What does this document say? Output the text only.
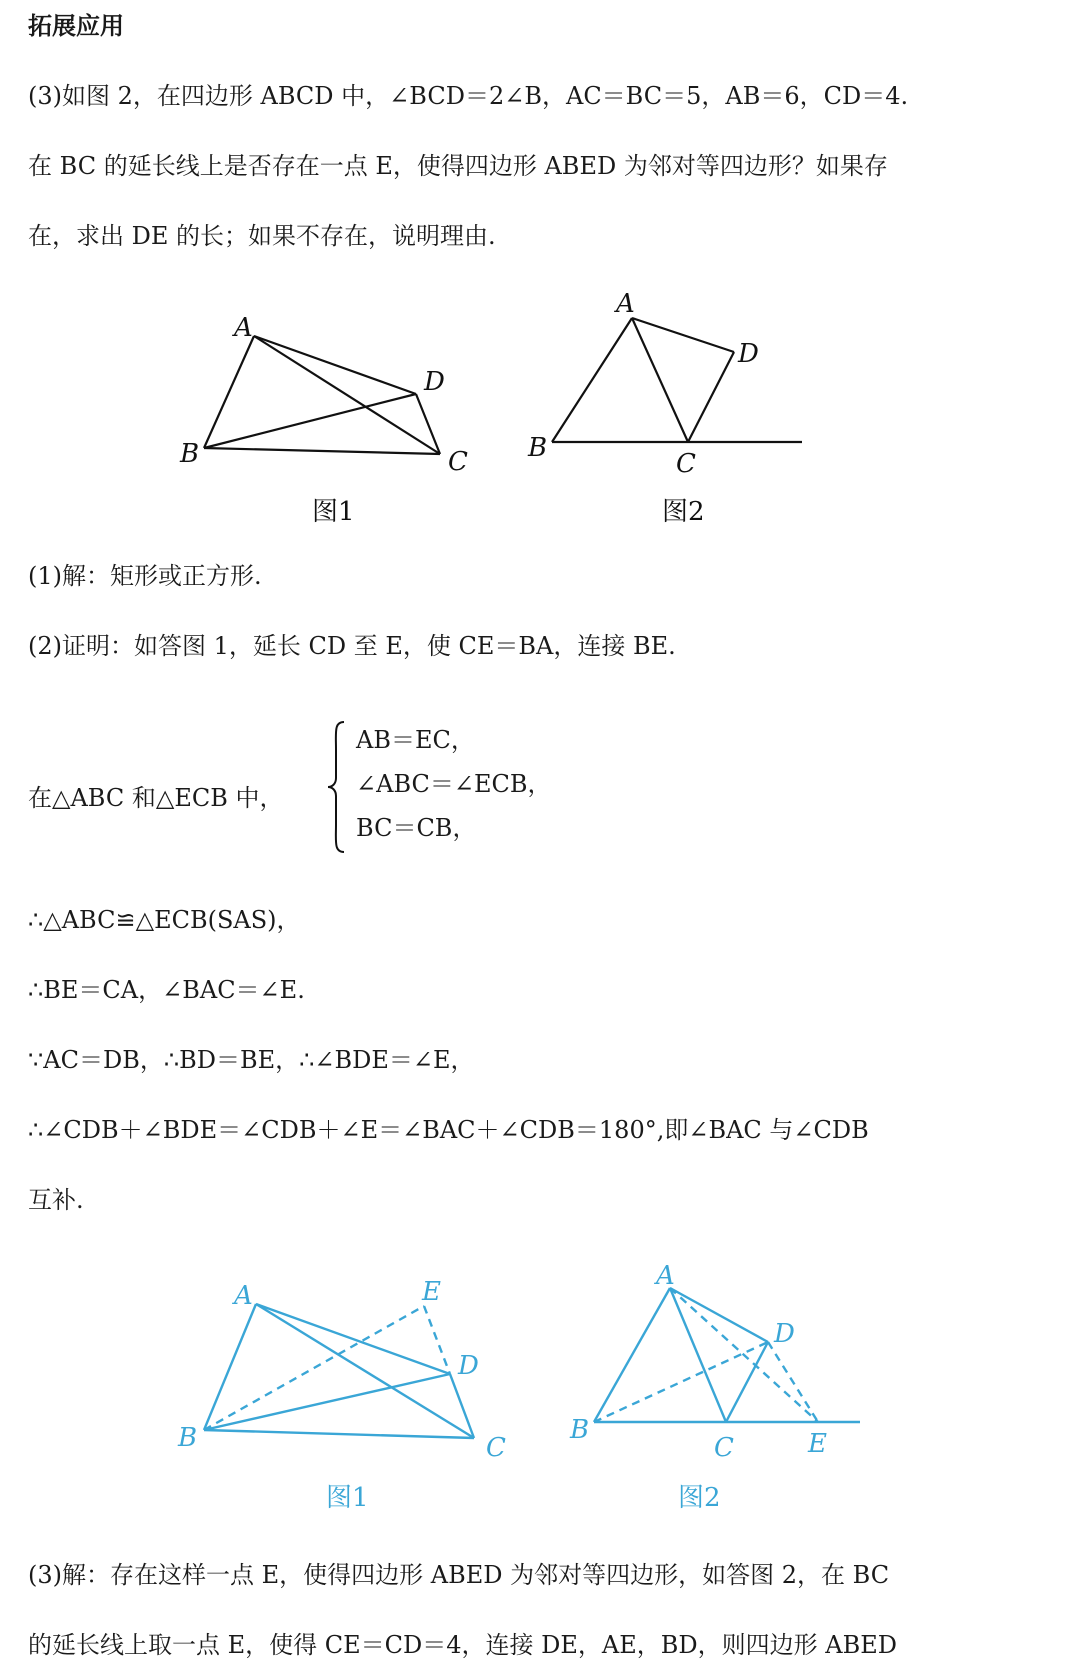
拓展应用
(3)如图 2，在四边形 ABCD 中，∠BCD＝2∠B，AC＝BC＝5，AB＝6，CD＝4.
在 BC 的延长线上是否存在一点 E，使得四边形 ABED 为邻对等四边形？如果存
在，求出 DE 的长；如果不存在，说明理由.
A
B	C
D
图1
A
B
C
D
图2
(1)解：矩形或正方形.
(2)证明：如答图 1，延长 CD 至 E，使 CE＝BA，连接 BE.
在△ABC 和△ECB 中，
AB＝EC，
∠ABC＝∠ECB，
BC＝CB，
∴△ABC≌△ECB(SAS)，
∴BE＝CA，∠BAC＝∠E.
∵AC＝DB，∴BD＝BE，∴∠BDE＝∠E，
∴∠CDB＋∠BDE＝∠CDB＋∠E＝∠BAC＋∠CDB＝180°,即∠BAC 与∠CDB
互补.
A
B	C
D
E
图1
A
B
C
D
E
图2
(3)解：存在这样一点 E，使得四边形 ABED 为邻对等四边形，如答图 2，在 BC
的延长线上取一点 E，使得 CE＝CD＝4，连接 DE，AE，BD，则四边形 ABED
